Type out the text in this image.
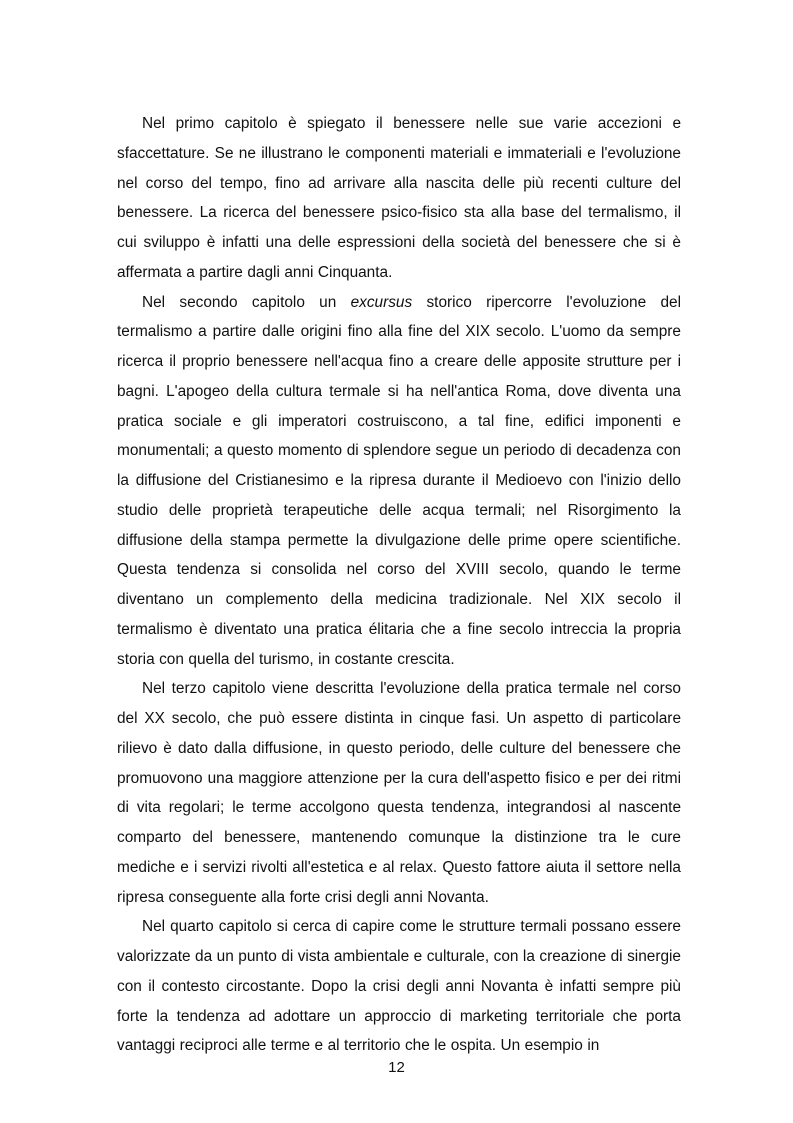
Nel primo capitolo è spiegato il benessere nelle sue varie accezioni e sfaccettature. Se ne illustrano le componenti materiali e immateriali e l'evoluzione nel corso del tempo, fino ad arrivare alla nascita delle più recenti culture del benessere. La ricerca del benessere psico-fisico sta alla base del termalismo, il cui sviluppo è infatti una delle espressioni della società del benessere che si è affermata a partire dagli anni Cinquanta.

Nel secondo capitolo un excursus storico ripercorre l'evoluzione del termalismo a partire dalle origini fino alla fine del XIX secolo. L'uomo da sempre ricerca il proprio benessere nell'acqua fino a creare delle apposite strutture per i bagni. L'apogeo della cultura termale si ha nell'antica Roma, dove diventa una pratica sociale e gli imperatori costruiscono, a tal fine, edifici imponenti e monumentali; a questo momento di splendore segue un periodo di decadenza con la diffusione del Cristianesimo e la ripresa durante il Medioevo con l'inizio dello studio delle proprietà terapeutiche delle acqua termali; nel Risorgimento la diffusione della stampa permette la divulgazione delle prime opere scientifiche. Questa tendenza si consolida nel corso del XVIII secolo, quando le terme diventano un complemento della medicina tradizionale. Nel XIX secolo il termalismo è diventato una pratica élitaria che a fine secolo intreccia la propria storia con quella del turismo, in costante crescita.

Nel terzo capitolo viene descritta l'evoluzione della pratica termale nel corso del XX secolo, che può essere distinta in cinque fasi. Un aspetto di particolare rilievo è dato dalla diffusione, in questo periodo, delle culture del benessere che promuovono una maggiore attenzione per la cura dell'aspetto fisico e per dei ritmi di vita regolari; le terme accolgono questa tendenza, integrandosi al nascente comparto del benessere, mantenendo comunque la distinzione tra le cure mediche e i servizi rivolti all'estetica e al relax. Questo fattore aiuta il settore nella ripresa conseguente alla forte crisi degli anni Novanta.

Nel quarto capitolo si cerca di capire come le strutture termali possano essere valorizzate da un punto di vista ambientale e culturale, con la creazione di sinergie con il contesto circostante. Dopo la crisi degli anni Novanta è infatti sempre più forte la tendenza ad adottare un approccio di marketing territoriale che porta vantaggi reciproci alle terme e al territorio che le ospita. Un esempio in

12
